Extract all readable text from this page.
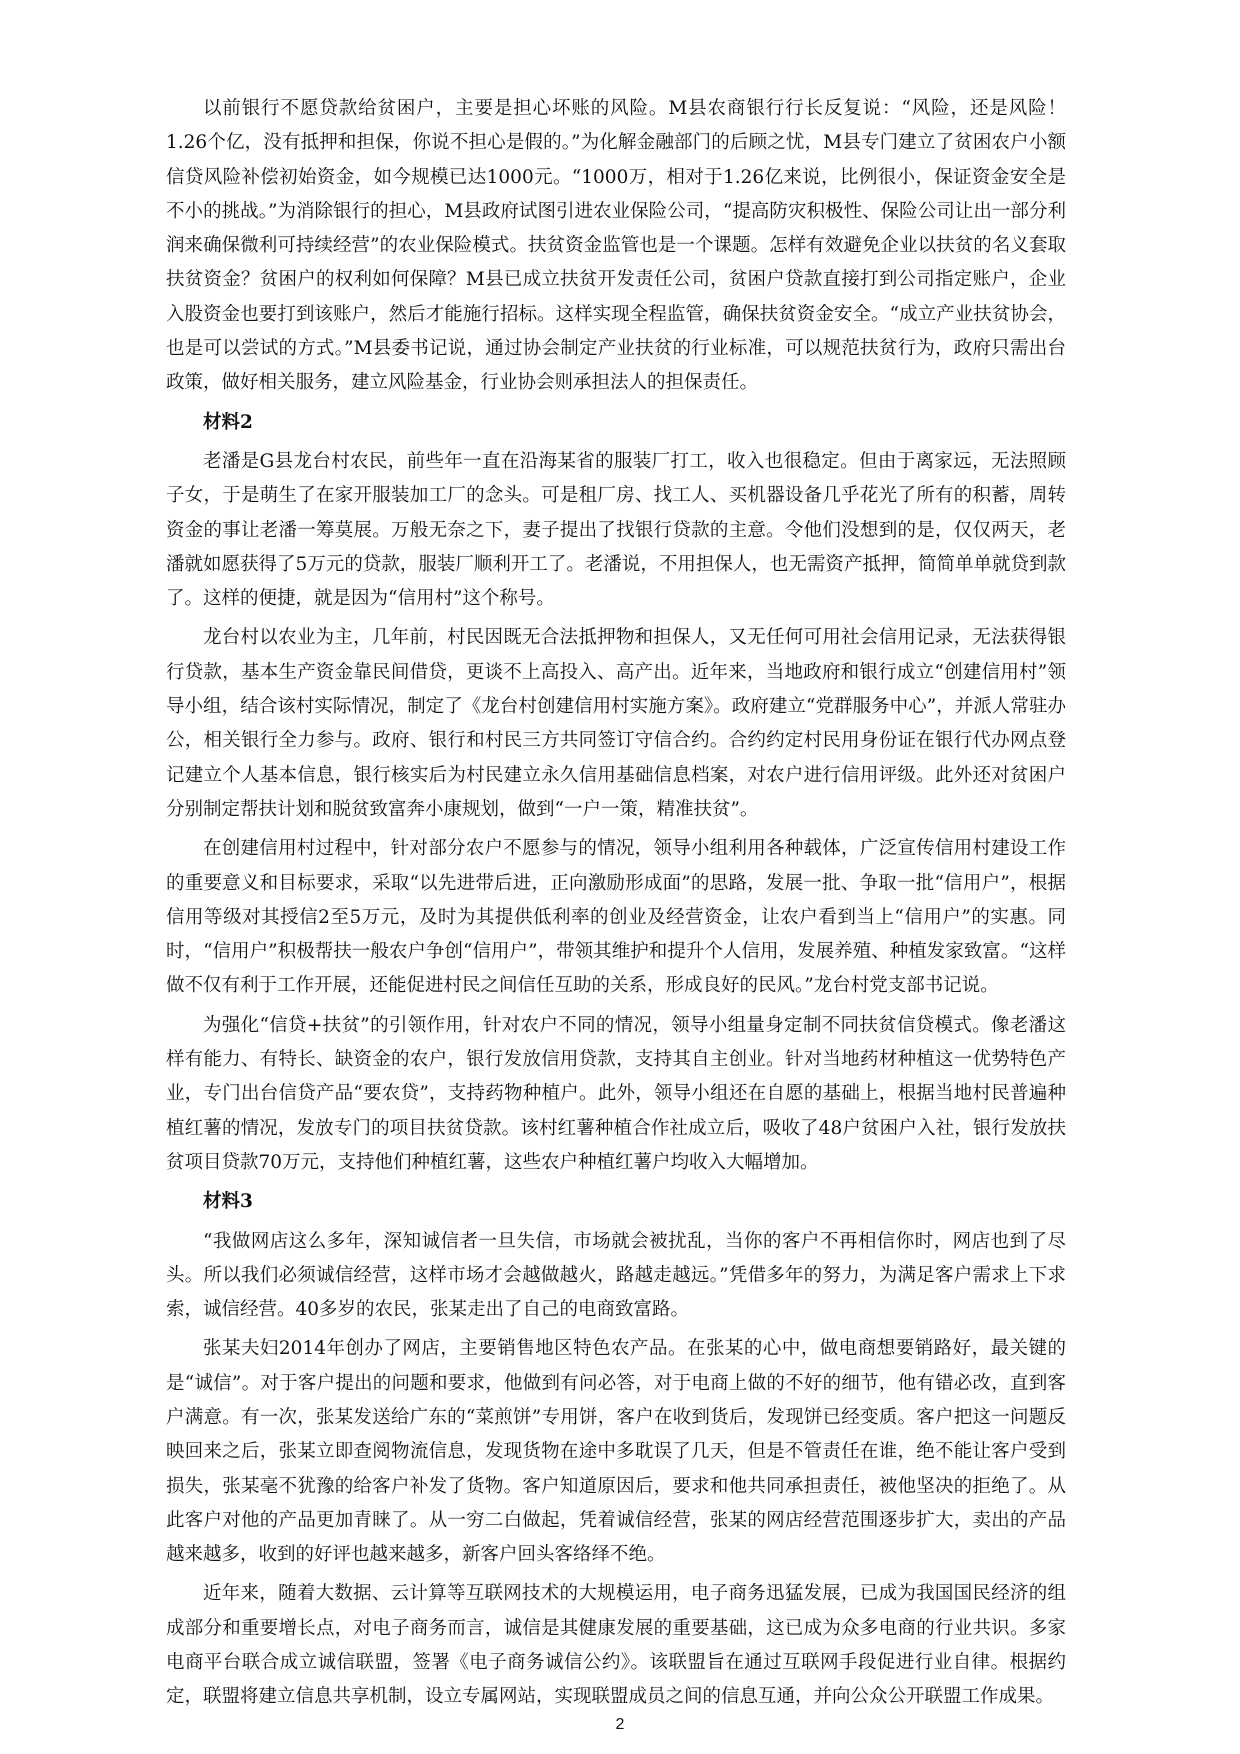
以前银行不愿贷款给贫困户，主要是担心坏账的风险。M县农商银行行长反复说：“风险，还是风险！1.26个亿，没有抵押和担保，你说不担心是假的。”为化解金融部门的后顾之忧，M县专门建立了贫困农户小额信贷风险补偿初始资金，如今规模已达1000元。“1000万，相对于1.26亿来说，比例很小，保证资金安全是不小的挑战。”为消除银行的担心，M县政府试图引进农业保险公司，“提高防灾积极性、保险公司让出一部分利润来确保微利可持续经营”的农业保险模式。扶贫资金监管也是一个课题。怎样有效避免企业以扶贫的名义套取扶贫资金？贫困户的权利如何保障？M县已成立扶贫开发责任公司，贫困户贷款直接打到公司指定账户，企业入股资金也要打到该账户，然后才能施行招标。这样实现全程监管，确保扶贫资金安全。“成立产业扶贫协会，也是可以尝试的方式。”M县委书记说，通过协会制定产业扶贫的行业标准，可以规范扶贫行为，政府只需出台政策，做好相关服务，建立风险基金，行业协会则承担法人的担保责任。

材料2

老潘是G县龙台村农民，前些年一直在沿海某省的服装厂打工，收入也很稳定。但由于离家远，无法照顾子女，于是萌生了在家开服装加工厂的念头。可是租厂房、找工人、买机器设备几乎花光了所有的积蓄，周转资金的事让老潘一筹莫展。万般无奈之下，妻子提出了找银行贷款的主意。令他们没想到的是，仅仅两天，老潘就如愿获得了5万元的贷款，服装厂顺利开工了。老潘说，不用担保人，也无需资产抵押，简简单单就贷到款了。这样的便捷，就是因为“信用村”这个称号。

龙台村以农业为主，几年前，村民因既无合法抵押物和担保人，又无任何可用社会信用记录，无法获得银行贷款，基本生产资金靠民间借贷，更谈不上高投入、高产出。近年来，当地政府和银行成立“创建信用村”领导小组，结合该村实际情况，制定了《龙台村创建信用村实施方案》。政府建立“党群服务中心”，并派人常驻办公，相关银行全力参与。政府、银行和村民三方共同签订守信合约。合约约定村民用身份证在银行代办网点登记建立个人基本信息，银行核实后为村民建立永久信用基础信息档案，对农户进行信用评级。此外还对贫困户分别制定帮扶计划和脱贫致富奔小康规划，做到“一户一策，精准扶贫”。

在创建信用村过程中，针对部分农户不愿参与的情况，领导小组利用各种载体，广泛宣传信用村建设工作的重要意义和目标要求，采取“以先进带后进，正向激励形成面”的思路，发展一批、争取一批“信用户”，根据信用等级对其授信2至5万元，及时为其提供低利率的创业及经营资金，让农户看到当上“信用户”的实惠。同时，“信用户”积极帮扶一般农户争创“信用户”，带领其维护和提升个人信用，发展养殖、种植发家致富。“这样做不仅有利于工作开展，还能促进村民之间信任互助的关系，形成良好的民风。”龙台村党支部书记说。

为强化“信贷+扶贫”的引领作用，针对农户不同的情况，领导小组量身定制不同扶贫信贷模式。像老潘这样有能力、有特长、缺资金的农户，银行发放信用贷款，支持其自主创业。针对当地药材种植这一优势特色产业，专门出台信贷产品“要农贷”，支持药物种植户。此外，领导小组还在自愿的基础上，根据当地村民普遍种植红薯的情况，发放专门的项目扶贫贷款。该村红薯种植合作社成立后，吸收了48户贫困户入社，银行发放扶贫项目贷款70万元，支持他们种植红薯，这些农户种植红薯户均收入大幅增加。

材料3

“我做网店这么多年，深知诚信者一旦失信，市场就会被扰乱，当你的客户不再相信你时，网店也到了尽头。所以我们必须诚信经营，这样市场才会越做越火，路越走越远。”凭借多年的努力，为满足客户需求上下求索，诚信经营。40多岁的农民，张某走出了自己的电商致富路。

张某夫妇2014年创办了网店，主要销售地区特色农产品。在张某的心中，做电商想要销路好，最关键的是“诚信”。对于客户提出的问题和要求，他做到有问必答，对于电商上做的不好的细节，他有错必改，直到客户满意。有一次，张某发送给广东的“菜煎饼”专用饼，客户在收到货后，发现饼已经变质。客户把这一问题反映回来之后，张某立即查阅物流信息，发现货物在途中多耽误了几天，但是不管责任在谁，绝不能让客户受到损失，张某毫不犹豫的给客户补发了货物。客户知道原因后，要求和他共同承担责任，被他坚决的拒绝了。从此客户对他的产品更加青睐了。从一穷二白做起，凭着诚信经营，张某的网店经营范围逐步扩大，卖出的产品越来越多，收到的好评也越来越多，新客户回头客络绎不绝。

近年来，随着大数据、云计算等互联网技术的大规模运用，电子商务迅猛发展，已成为我国国民经济的组成部分和重要增长点，对电子商务而言，诚信是其健康发展的重要基础，这已成为众多电商的行业共识。多家电商平台联合成立诚信联盟，签署《电子商务诚信公约》。该联盟旨在通过互联网手段促进行业自律。根据约定，联盟将建立信息共享机制，设立专属网站，实现联盟成员之间的信息互通，并向公众公开联盟工作成果。

2
